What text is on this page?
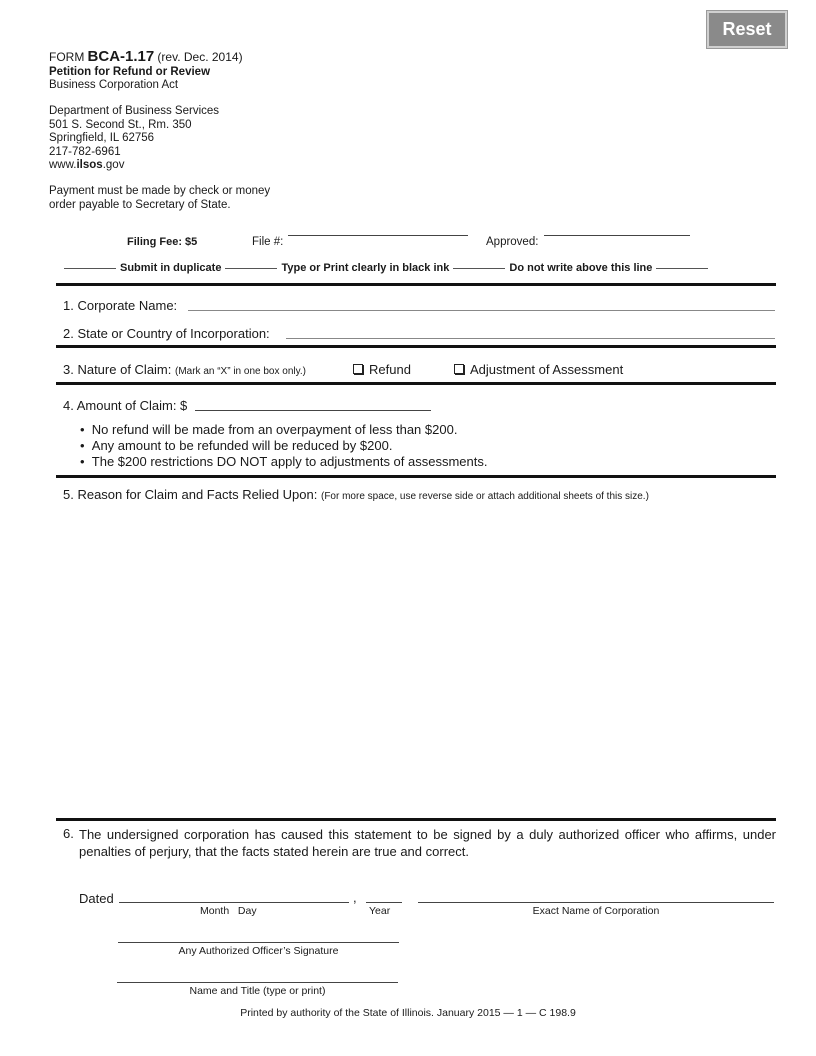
Reset
FORM BCA-1.17 (rev. Dec. 2014)
Petition for Refund or Review
Business Corporation Act
Department of Business Services
501 S. Second St., Rm. 350
Springfield, IL 62756
217-782-6961
www.ilsos.gov
Payment must be made by check or money
order payable to Secretary of State.
Filing Fee: $5	File #:	Approved:
Submit in duplicate	Type or Print clearly in black ink	Do not write above this line
1. Corporate Name:
2. State or Country of Incorporation:
3. Nature of Claim: (Mark an “X” in one box only.)	Refund	Adjustment of Assessment
4. Amount of Claim: $
•  No refund will be made from an overpayment of less than $200.
•  Any amount to be refunded will be reduced by $200.
•  The $200 restrictions DO NOT apply to adjustments of assessments.
5. Reason for Claim and Facts Relied Upon: (For more space, use reverse side or attach additional sheets of this size.)
6. The undersigned corporation has caused this statement to be signed by a duly authorized officer who affirms, under penalties of perjury, that the facts stated herein are true and correct.
Dated	,
Month   Day	Year	Exact Name of Corporation
Any Authorized Officer’s Signature
Name and Title (type or print)
Printed by authority of the State of Illinois. January 2015 — 1 — C 198.9
